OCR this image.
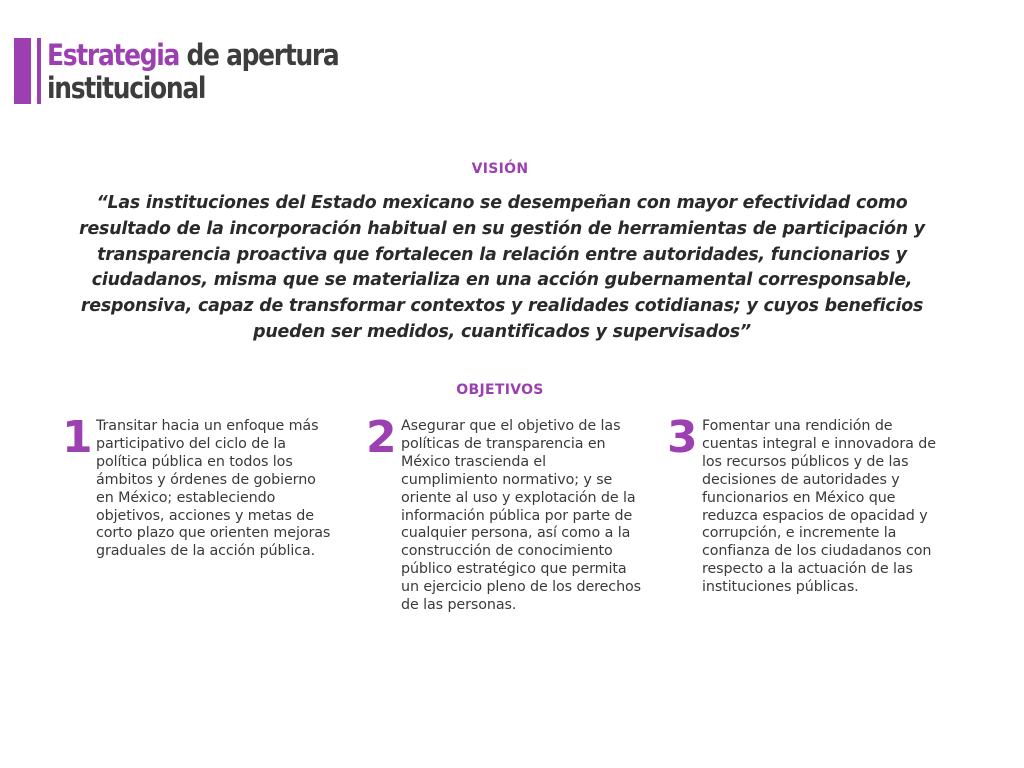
Estrategia de apertura
institucional
VISIÓN

“Las instituciones del Estado mexicano se desempeñan con mayor efectividad como resultado de la incorporación habitual en su gestión de herramientas de participación y transparencia proactiva que fortalecen la relación entre autoridades, funcionarios y ciudadanos, misma que se materializa en una acción gubernamental corresponsable, responsiva, capaz de transformar contextos y realidades cotidianas; y cuyos beneficios pueden ser medidos, cuantificados y supervisados”

OBJETIVOS
1 Transitar hacia un enfoque más participativo del ciclo de la política pública en todos los ámbitos y órdenes de gobierno en México; estableciendo objetivos, acciones y metas de corto plazo que orienten mejoras graduales de la acción pública.

2 Asegurar que el objetivo de las políticas de transparencia en México trascienda el cumplimiento normativo; y se oriente al uso y explotación de la información pública por parte de cualquier persona, así como a la construcción de conocimiento público estratégico que permita un ejercicio pleno de los derechos de las personas.

3 Fomentar una rendición de cuentas integral e innovadora de los recursos públicos y de las decisiones de autoridades y funcionarios en México que reduzca espacios de opacidad y corrupción, e incremente la confianza de los ciudadanos con respecto a la actuación de las instituciones públicas.
